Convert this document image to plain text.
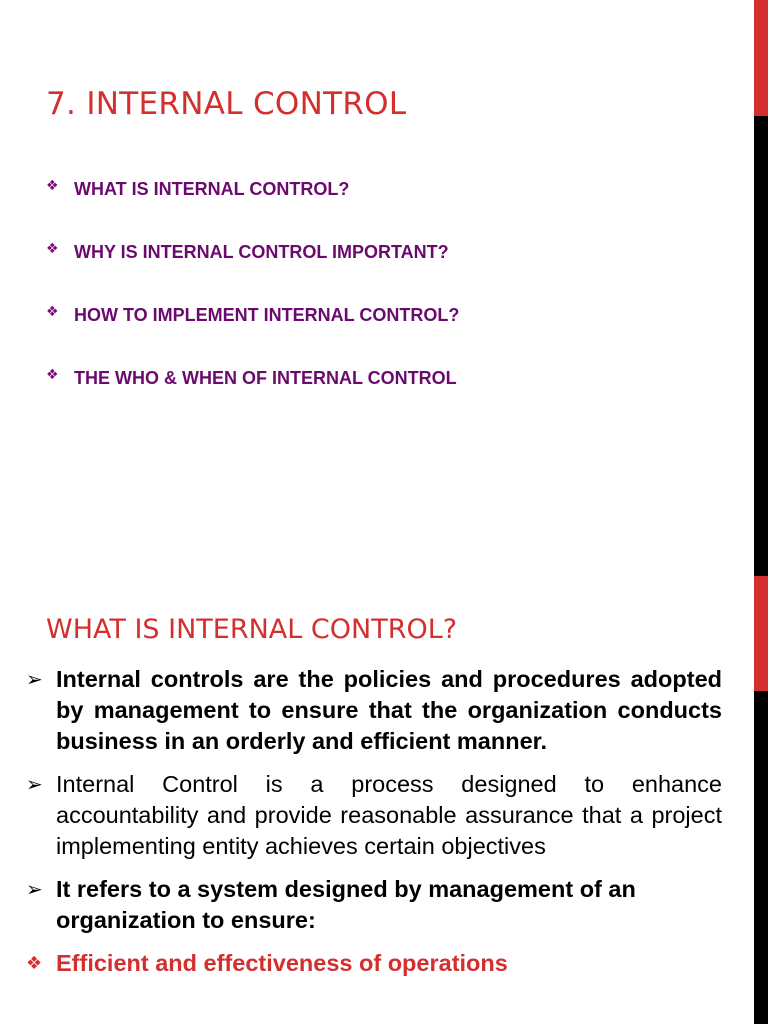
7. INTERNAL CONTROL
❖ WHAT IS INTERNAL CONTROL?
❖ WHY IS INTERNAL CONTROL IMPORTANT?
❖ HOW TO IMPLEMENT INTERNAL CONTROL?
❖ THE WHO & WHEN OF INTERNAL CONTROL
WHAT IS INTERNAL CONTROL?
➢ Internal controls are the policies and procedures adopted by management to ensure that the organization conducts business in an orderly and efficient manner.
➢ Internal Control is a process designed to enhance accountability and provide reasonable assurance that a project implementing entity achieves certain objectives
➢ It refers to a system designed by management of an organization to ensure:
❖ Efficient and effectiveness of operations
